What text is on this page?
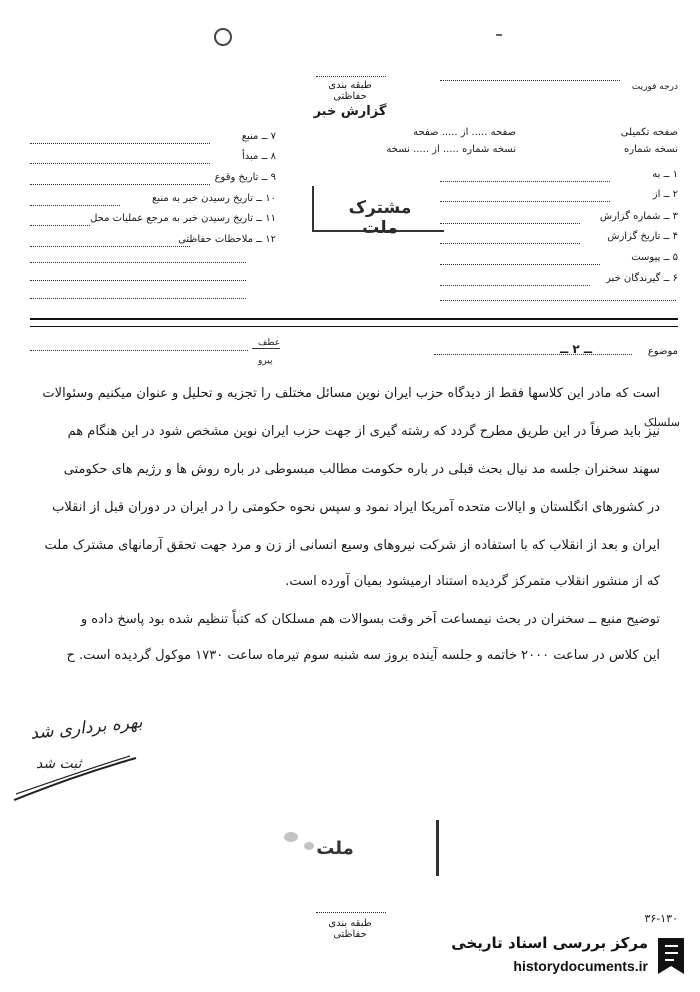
طبقه بندی حفاظتی
درجه فوریت
گزارش خبر
۷ ــ منبع
۸ ــ مبدأ
۹ ــ تاریخ وقوع
۱۰ ــ تاریخ رسیدن خبر به منبع
۱۱ ــ تاریخ رسیدن خبر به مرجع عملیات محل
۱۲ ــ ملاحظات حفاظتی
صفحه ..... از ..... صفحه	صفحه تکمیلی
نسخه شماره ..... از ..... نسخه	نسخه شماره
۱ ــ به
۲ ــ از
۳ ــ شماره گزارش
۴ ــ تاریخ گزارش
۵ ــ پیوست
۶ ــ گیرندگان خبر
مشترک ملت
عطف
پیرو
موضوع
ــ ۲ ــ
سلسلک
است که مادر این کلاسها فقط از دیدگاه حزب ایران نوین مسائل مختلف را تجزیه و تحلیل و عنوان میکنیم وسئوالات
نیز باید صرفاً در این طریق مطرح گردد که رشته گیری از جهت حزب ایران نوین مشخص شود در این هنگام هم
سهند سخنران جلسه مد نیال بحث قبلی در باره حکومت مطالب مبسوطی در باره روش ها و رژیم های حکومتی
در کشورهای انگلستان و ایالات متحده آمریکا ایراد نمود و سپس نحوه حکومتی را در ایران در دوران قبل از انقلاب
ایران و بعد از انقلاب که با استفاده از شرکت نیروهای وسیع انسانی از زن و مرد جهت تحقق آرمانهای مشترک ملت
که از منشور انقلاب متمرکز گردیده استناد ارمیشود بمیان آورده است.
توضیح منبع ــ سخنران در بحث نیمساعت آخر وقت بسوالات هم مسلکان که کتباً تنظیم شده بود پاسخ داده و
این کلاس در ساعت ۲۰۰۰ خاتمه و جلسه آینده بروز سه شنبه سوم تیرماه ساعت ۱۷۳۰ موکول گردیده است. ح
بهره برداری شد
ثبت شد
ملت
طبقه بندی حفاظتی
۳۶-۱۳۰
مرکز بررسی اسناد تاریخی
historydocuments.ir
